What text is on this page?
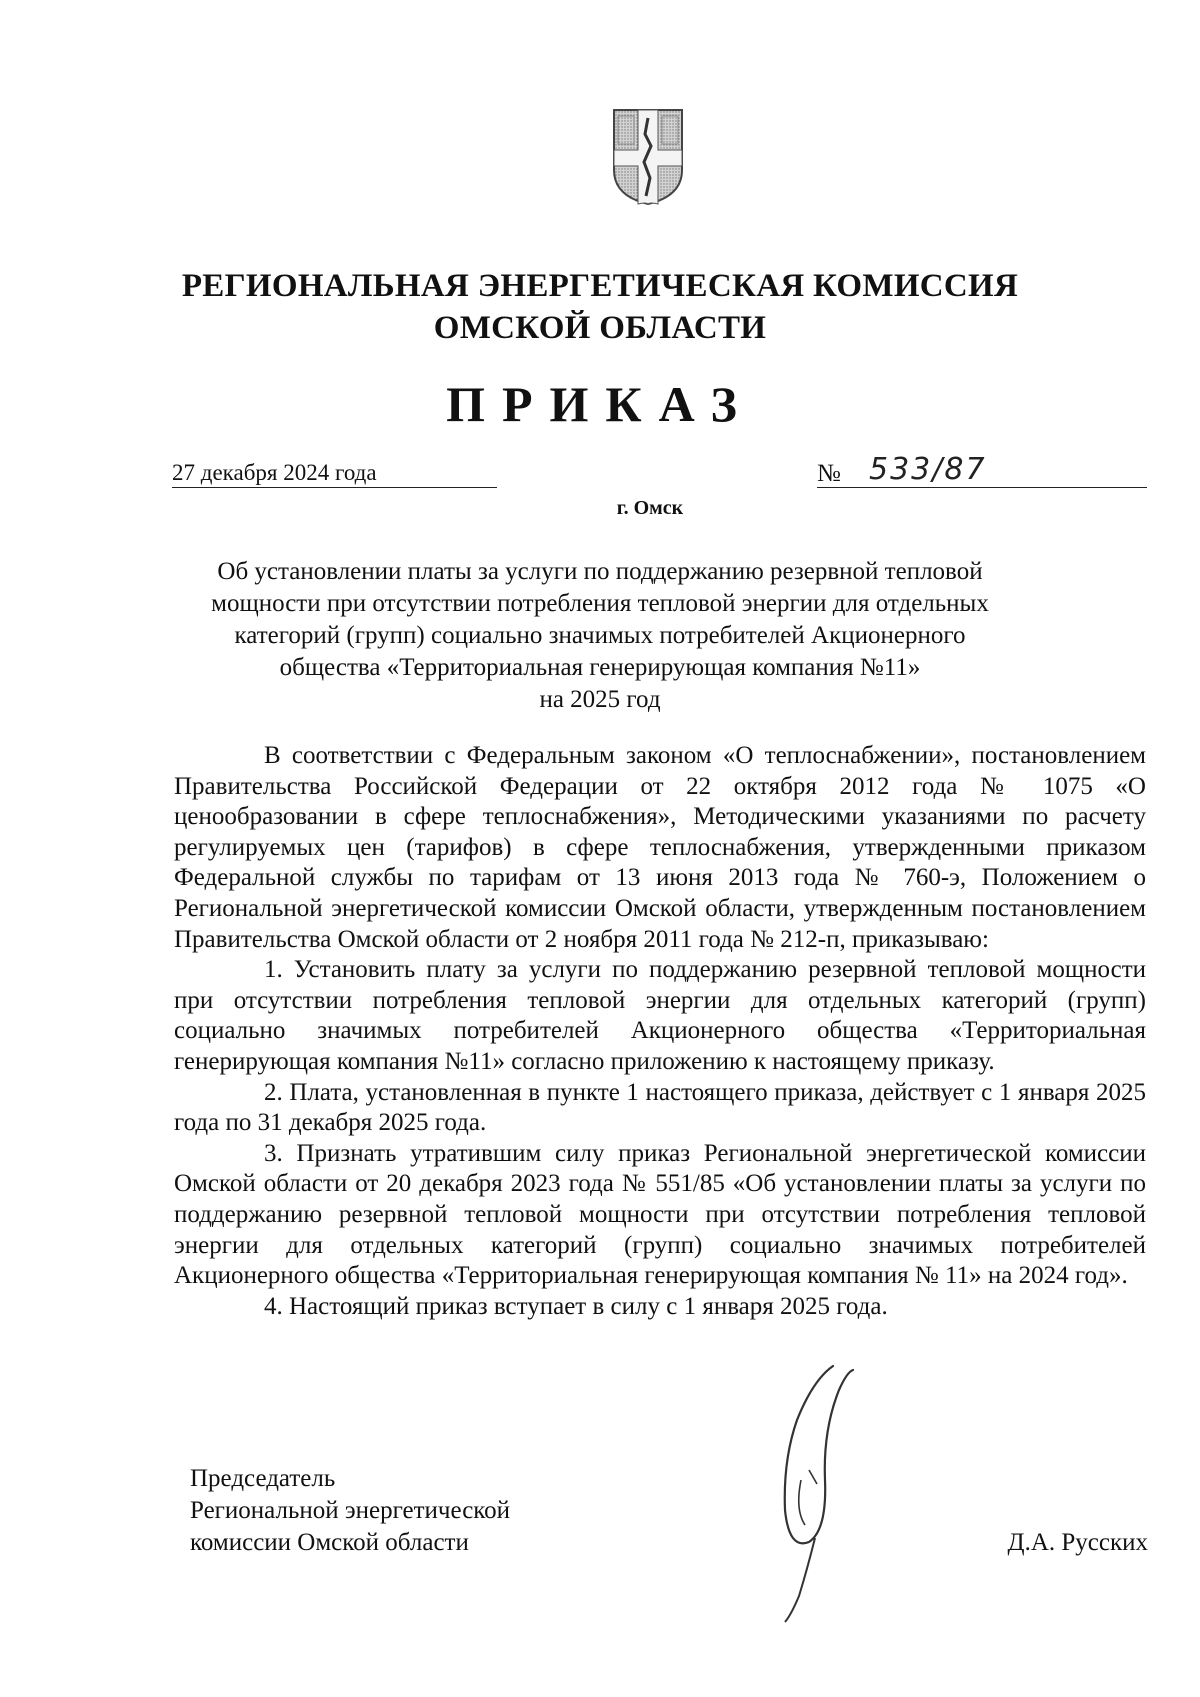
РЕГИОНАЛЬНАЯ ЭНЕРГЕТИЧЕСКАЯ КОМИССИЯ
ОМСКОЙ ОБЛАСТИ
ПРИКАЗ
27 декабря 2024 года	№ 533/87
г. Омск
Об установлении платы за услуги по поддержанию резервной тепловой
мощности при отсутствии потребления тепловой энергии для отдельных
категорий (групп) социально значимых потребителей Акционерного
общества «Территориальная генерирующая компания №11»
на 2025 год

В соответствии с Федеральным законом «О теплоснабжении», постановлением Правительства Российской Федерации от 22 октября 2012 года № 1075 «О ценообразовании в сфере теплоснабжения», Методическими указаниями по расчету регулируемых цен (тарифов) в сфере теплоснабжения, утвержденными приказом Федеральной службы по тарифам от 13 июня 2013 года № 760-э, Положением о Региональной энергетической комиссии Омской области, утвержденным постановлением Правительства Омской области от 2 ноября 2011 года № 212-п, приказываю:

1. Установить плату за услуги по поддержанию резервной тепловой мощности при отсутствии потребления тепловой энергии для отдельных категорий (групп) социально значимых потребителей Акционерного общества «Территориальная генерирующая компания №11» согласно приложению к настоящему приказу.

2. Плата, установленная в пункте 1 настоящего приказа, действует с 1 января 2025 года по 31 декабря 2025 года.

3. Признать утратившим силу приказ Региональной энергетической комиссии Омской области от 20 декабря 2023 года № 551/85 «Об установлении платы за услуги по поддержанию резервной тепловой мощности при отсутствии потребления тепловой энергии для отдельных категорий (групп) социально значимых потребителей Акционерного общества «Территориальная генерирующая компания № 11» на 2024 год».

4. Настоящий приказ вступает в силу с 1 января 2025 года.

Председатель
Региональной энергетической
комиссии Омской области	Д.А. Русских
